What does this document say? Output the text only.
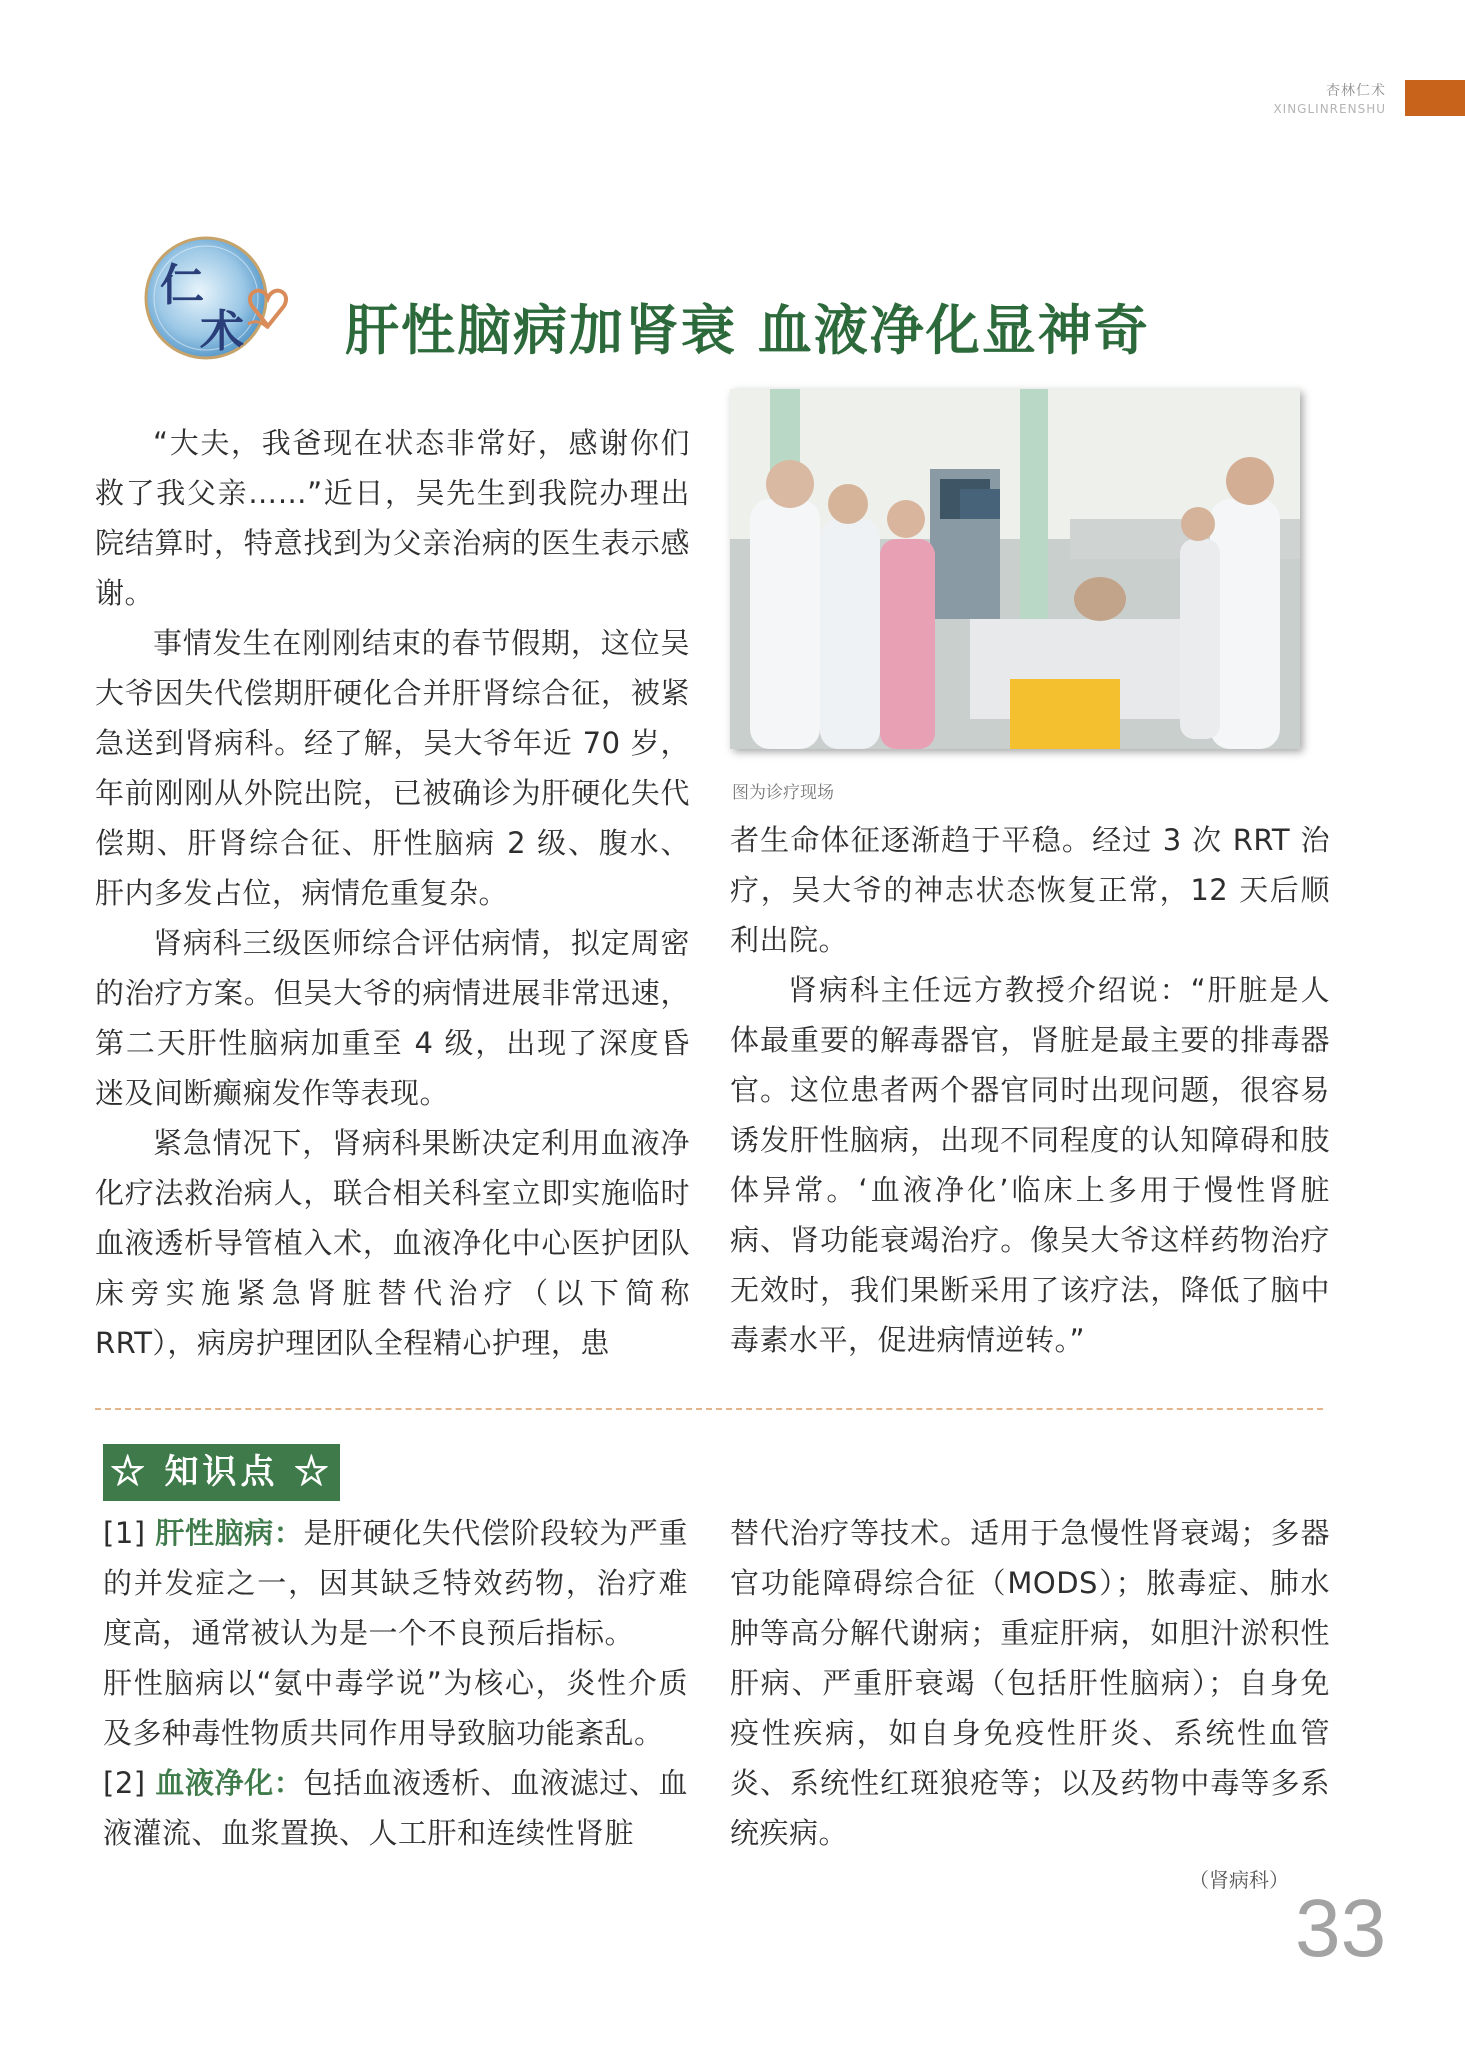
杏林仁术
XINGLINRENSHU
仁
术 肝性脑病加肾衰 血液净化显神奇

“大夫，我爸现在状态非常好，感谢你们救了我父亲……”近日，吴先生到我院办理出院结算时，特意找到为父亲治病的医生表示感谢。

事情发生在刚刚结束的春节假期，这位吴大爷因失代偿期肝硬化合并肝肾综合征，被紧急送到肾病科。经了解，吴大爷年近 70 岁，年前刚刚从外院出院，已被确诊为肝硬化失代偿期、肝肾综合征、肝性脑病 2 级、腹水、肝内多发占位，病情危重复杂。

肾病科三级医师综合评估病情，拟定周密的治疗方案。但吴大爷的病情进展非常迅速，第二天肝性脑病加重至 4 级，出现了深度昏迷及间断癫痫发作等表现。

紧急情况下，肾病科果断决定利用血液净化疗法救治病人，联合相关科室立即实施临时血液透析导管植入术，血液净化中心医护团队床旁实施紧急肾脏替代治疗（以下简称 RRT），病房护理团队全程精心护理，患

图为诊疗现场

者生命体征逐渐趋于平稳。经过 3 次 RRT 治疗，吴大爷的神志状态恢复正常，12 天后顺利出院。

肾病科主任远方教授介绍说：“肝脏是人体最重要的解毒器官，肾脏是最主要的排毒器官。这位患者两个器官同时出现问题，很容易诱发肝性脑病，出现不同程度的认知障碍和肢体异常。‘血液净化’临床上多用于慢性肾脏病、肾功能衰竭治疗。像吴大爷这样药物治疗无效时，我们果断采用了该疗法，降低了脑中毒素水平，促进病情逆转。”

☆ 知识点 ☆

[1] 肝性脑病：是肝硬化失代偿阶段较为严重的并发症之一，因其缺乏特效药物，治疗难度高，通常被认为是一个不良预后指标。

肝性脑病以“氨中毒学说”为核心，炎性介质及多种毒性物质共同作用导致脑功能紊乱。

[2] 血液净化：包括血液透析、血液滤过、血液灌流、血浆置换、人工肝和连续性肾脏

替代治疗等技术。适用于急慢性肾衰竭；多器官功能障碍综合征（MODS）；脓毒症、肺水肿等高分解代谢病；重症肝病，如胆汁淤积性肝病、严重肝衰竭（包括肝性脑病）；自身免疫性疾病，如自身免疫性肝炎、系统性血管炎、系统性红斑狼疮等；以及药物中毒等多系统疾病。

（肾病科）
33
